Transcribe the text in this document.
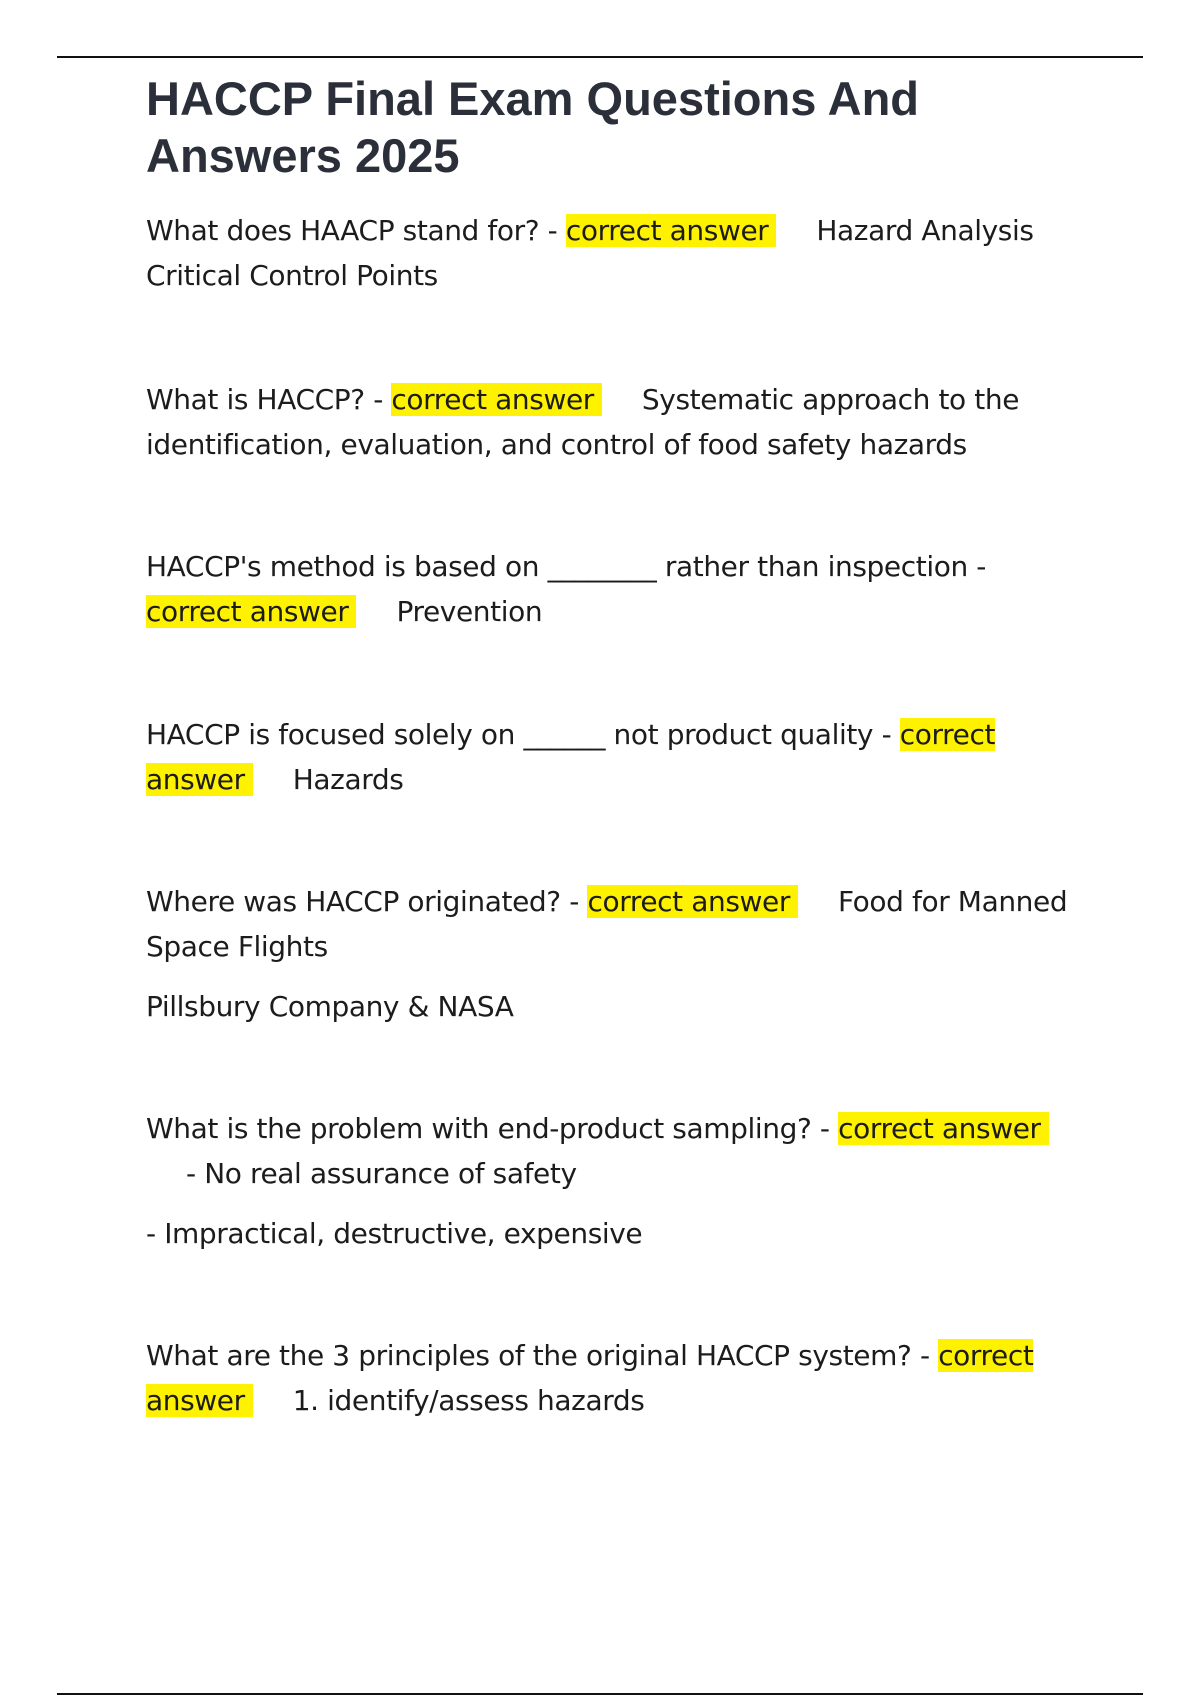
HACCP Final Exam Questions And Answers 2025

What does HAACP stand for? - correct answer Hazard Analysis Critical Control Points

What is HACCP? - correct answer Systematic approach to the identification, evaluation, and control of food safety hazards

HACCP's method is based on ________ rather than inspection - correct answer Prevention

HACCP is focused solely on ______ not product quality - correct answer Hazards

Where was HACCP originated? - correct answer Food for Manned Space Flights

Pillsbury Company & NASA

What is the problem with end-product sampling? - correct answer- No real assurance of safety

- Impractical, destructive, expensive

What are the 3 principles of the original HACCP system? - correct answer 1. identify/assess hazards
